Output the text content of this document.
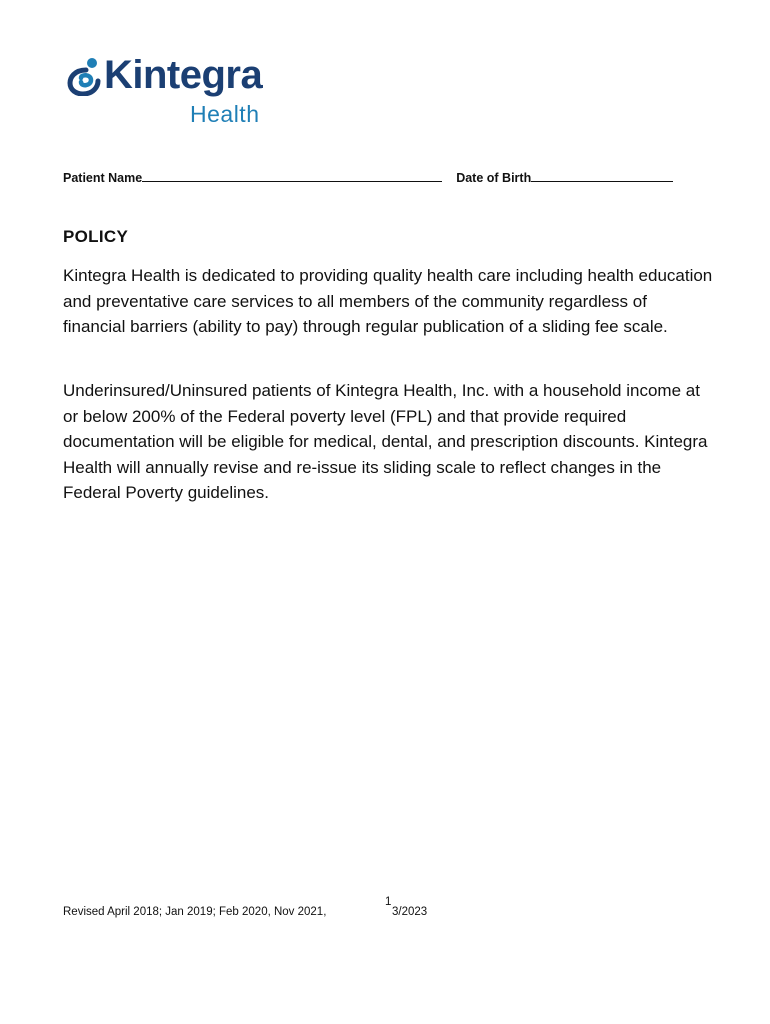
Kintegra
Health
Patient Name	Date of Birth
POLICY

Kintegra Health is dedicated to providing quality health care including health education and preventative care services to all members of the community regardless of financial barriers (ability to pay) through regular publication of a sliding fee scale.

Underinsured/Uninsured patients of Kintegra Health, Inc. with a household income at or below 200% of the Federal poverty level (FPL) and that provide required documentation will be eligible for medical, dental, and prescription discounts. Kintegra Health will annually revise and re-issue its sliding scale to reflect changes in the Federal Poverty guidelines.

Revised April 2018; Jan 2019; Feb 2020, Nov 2021,
1
3/2023
